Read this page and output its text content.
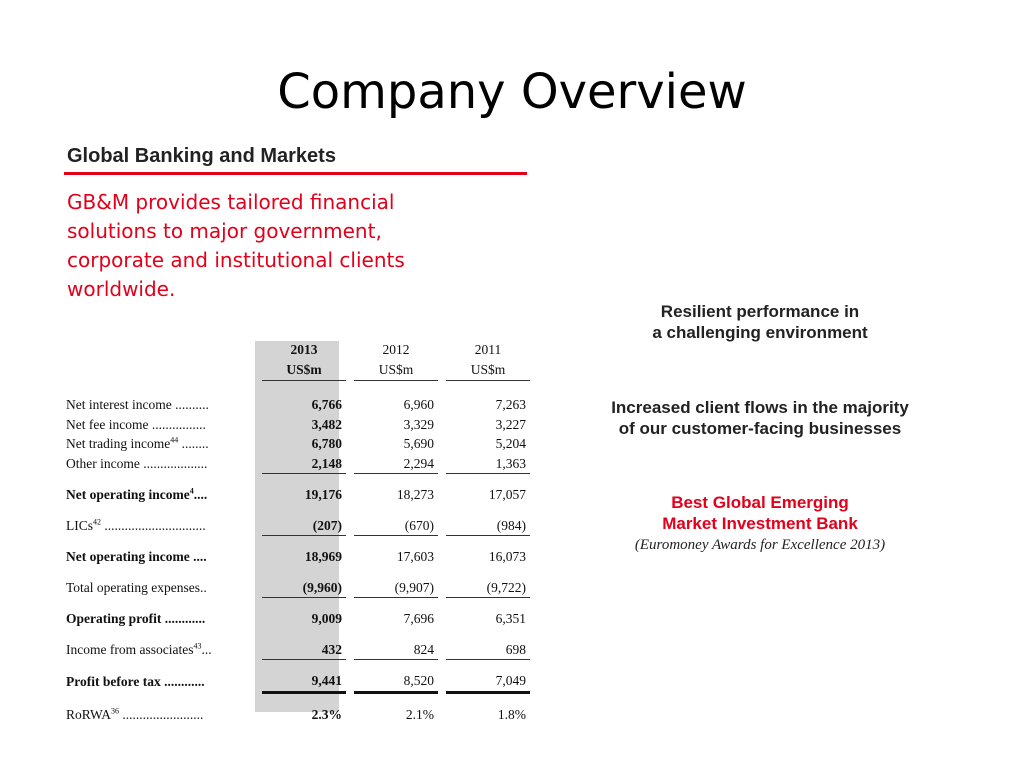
Company Overview
Global Banking and Markets
GB&M provides tailored financial solutions to major government, corporate and institutional clients worldwide.
		2013		2012		2011
		US$m		US$m		US$m

Net interest income ..........		6,766		6,960		7,263
Net fee income ................		3,482		3,329		3,227
Net trading income$^{44}$ ........		6,780		5,690		5,204
Other income ...................		2,148		2,294		1,363

Net operating income$^4$....		19,176		18,273		17,057

LICs$^{42}$ ..............................		(207)		(670)		(984)

Net operating income ....		18,969		17,603		16,073

Total operating expenses..		(9,960)		(9,907)		(9,722)

Operating profit ............		9,009		7,696		6,351

Income from associates$^{43}$...		432		824		698

Profit before tax ............		9,441		8,520		7,049

RoRWA$^{36}$ ........................		2.3%		2.1%		1.8%
Resilient performance in
a challenging environment
Increased client flows in the majority
of our customer-facing businesses
Best Global Emerging
Market Investment Bank
(Euromoney Awards for Excellence 2013)
